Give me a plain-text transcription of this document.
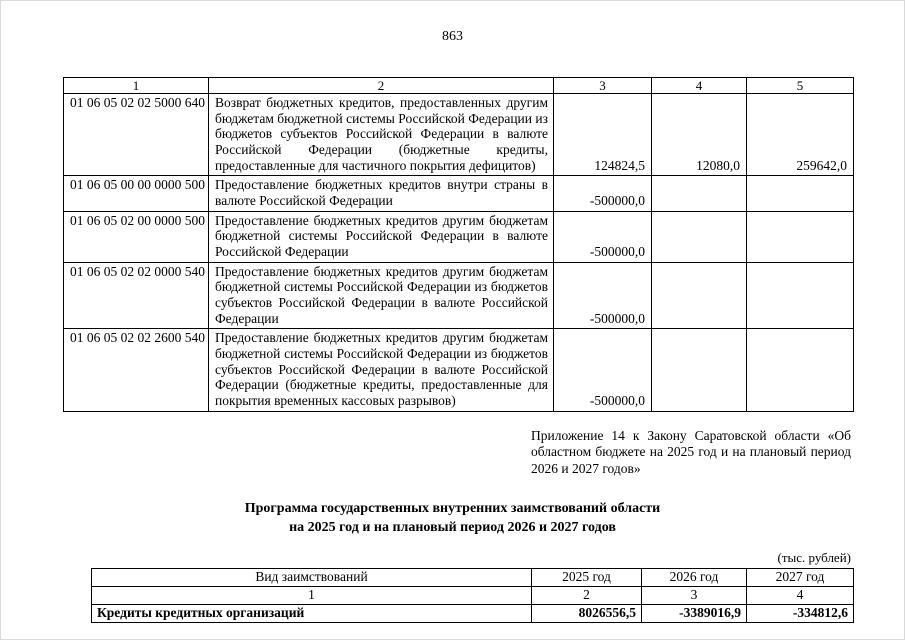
863
1	2	3	4	5
01 06 05 02 02 5000 640	Возврат бюджетных кредитов, предоставленных другим бюджетам бюджетной системы Российской Федерации из бюджетов субъектов Российской Федерации в валюте Российской Федерации (бюджетные кредиты, предоставленные для частичного покрытия дефицитов)	124824,5	12080,0	259642,0
01 06 05 00 00 0000 500	Предоставление бюджетных кредитов внутри страны в валюте Российской Федерации	-500000,0		
01 06 05 02 00 0000 500	Предоставление бюджетных кредитов другим бюджетам бюджетной системы Российской Федерации в валюте Российской Федерации	-500000,0		
01 06 05 02 02 0000 540	Предоставление бюджетных кредитов другим бюджетам бюджетной системы Российской Федерации из бюджетов субъектов Российской Федерации в валюте Российской Федерации	-500000,0		
01 06 05 02 02 2600 540	Предоставление бюджетных кредитов другим бюджетам бюджетной системы Российской Федерации из бюджетов субъектов Российской Федерации в валюте Российской Федерации (бюджетные кредиты, предоставленные для покрытия временных кассовых разрывов)	-500000,0		
Приложение 14 к Закону Саратовской области «Об областном бюджете на 2025 год и на плановый период 2026 и 2027 годов»
Программа государственных внутренних заимствований области
на 2025 год и на плановый период 2026 и 2027 годов
(тыс. рублей)
Вид заимствований	2025 год	2026 год	2027 год
1	2	3	4
Кредиты кредитных организаций	8026556,5	-3389016,9	-334812,6
